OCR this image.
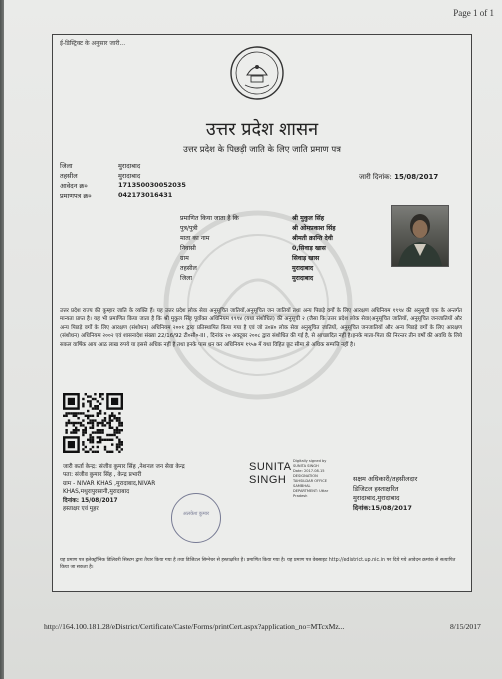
Page 1 of 1
ई-डिस्ट्रिक्ट के अनुसार जारी...
उत्तर प्रदेश शासन
उत्तर प्रदेश के पिछड़ी जाति के लिए जाति प्रमाण पत्र
जिला	मुरादाबाद
तहसील	मुरादाबाद
आवेदन क्र०	171350030052035
प्रमाणपत्र क्र०	042173016431
जारी दिनांक: 15/08/2017
प्रमाणित किया जाता है कि	श्री मुकुल सिंह
पुत्र/पुत्री	श्री ओमप्रकाश सिंह
माता का नाम	श्रीमती क्रान्ति देवी
निवासी	0,सिवाड़ खास
ग्राम	सिवाड़ खास
तहसील	मुरादाबाद
जिला	मुरादाबाद
उत्तर प्रदेश राज्य की कुम्हार जाति के व्यक्ति हैं। यह उत्तर प्रदेश लोक सेवा अनुसूचित जातियों,अनुसूचित जन जातियों तथा अन्य पिछड़े वर्गों के लिए आरक्षण अधिनियम १९९४ की अनुसूची एक के अन्तर्गत मान्यता प्राप्त है। यह भी प्रमाणित किया जाता है कि श्री मुकुल सिंह पूर्वोक्त अधिनियम १९९४ (यथा संशोधित) की अनुसूची २ (जैसा कि उत्तर प्रदेश लोक सेवा(अनुसूचित जातियों, अनुसूचित जनजातियों और अन्य पिछड़े वर्गों के लिए आरक्षण (संशोधन) अधिनियम २००१ द्वारा प्रतिस्थापित किया गया है एवं जो उ०प्र० लोक सेवा अनुसूचित जातियों, अनुसूचित जनजातियों और अन्य पिछड़े वर्गों के लिए आरक्षण (संशोधन) अधिनियम २००२ एवं शासनादेश संख्या 22/16/92 टी०सी०-III , दिनांक २० अक्टूबर २००८ द्वारा संशोधित की गई है, से आच्छादित नहीं है।इनके माता-पिता की निरन्तर तीन वर्षों की अवधि के लिये सकल वार्षिक आय आठ लाख रुपये या इससे अधिक नहीं है तथा इनके पास धन कर अधिनियम १९५७ में यथा विहित छूट सीमा से अधिक सम्पत्ति नहीं है।
जारी कर्ता केन्द्र: संजीव कुमार सिंह ,नेशनल जन सेवा केन्द्र
पता: संजीव कुमार सिंह , केन्द्र प्रभारी
ग्राम - NIVAR KHAS ,मुरादाबाद,NIVAR
KHAS,मथुरापुरसानी,मुरादाबाद
दिनांक: 15/08/2017
हस्ताक्षर एवं मुहर
अलकेश कुमार
SUNITA SINGH
Digitally signed by
SUNITA SINGH
Date: 2017.08.15
DESIGNATION
TAHSILDAR OFFICE
SAMBHAL
DEPARTMENT: Uttar
Pradesh
सक्षम अधिकारी/तहसीलदार
डिजिटल हस्ताक्षरित
मुरादाबाद,मुरादाबाद
दिनांक:15/08/2017
यह प्रमाण पत्र इलेक्ट्रॉनिक डिलिवरी सिस्टम द्वारा तैयार किया गया है तथा डिजिटल सिग्नेचर से हस्ताक्षरित है। प्रमाणित किया गया है। यह प्रमाण पत्र वेबसाइट http://edistrict.up.nic.in पर दिये गये आवेदन क्रमांक से सत्यापित किया जा सकता है।
http://164.100.181.28/eDistrict/Certificate/Caste/Forms/printCert.aspx?application_no=MTcxMz...	8/15/2017
